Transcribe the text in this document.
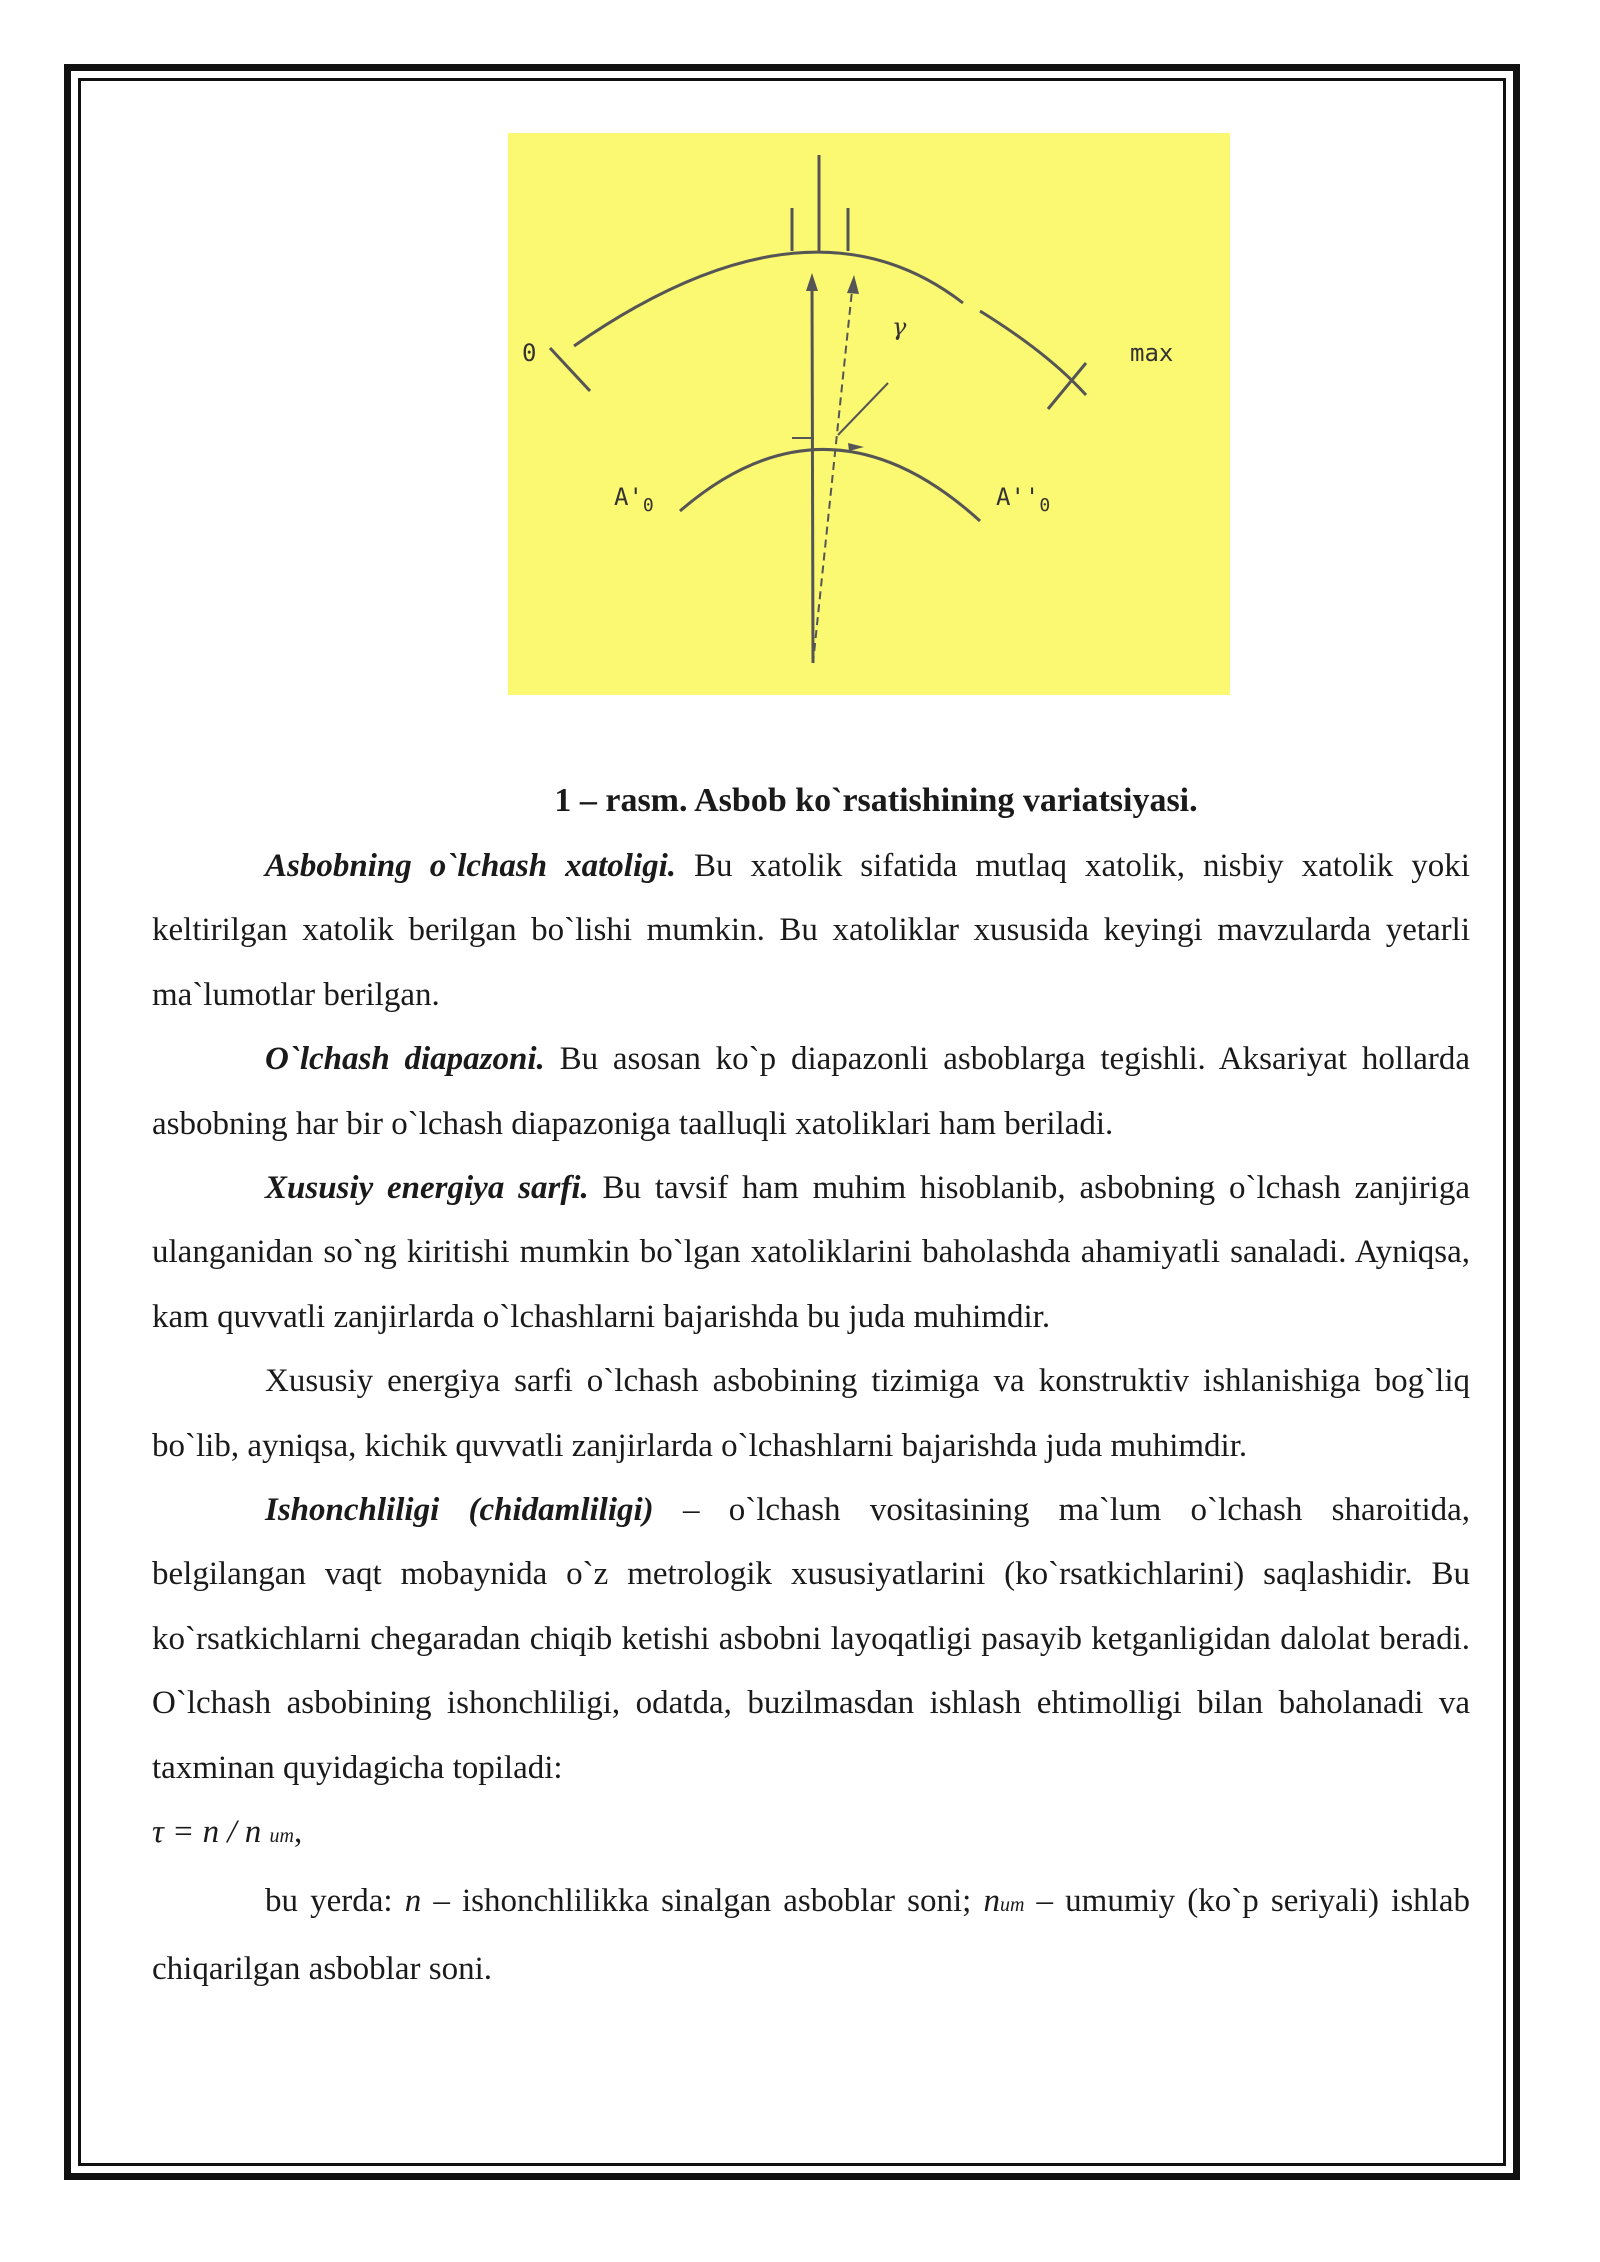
0	max
γ
$A'_0$	$A''_0$
1 – rasm. Asbob ko`rsatishining variatsiyasi.

Asbobning o`lchash xatoligi. Bu xatolik sifatida mutlaq xatolik, nisbiy xatolik yoki keltirilgan xatolik berilgan bo`lishi mumkin. Bu xatoliklar xususida keyingi mavzularda yetarli ma`lumotlar berilgan.

O`lchash diapazoni. Bu asosan ko`p diapazonli asboblarga tegishli. Aksariyat hollarda asbobning har bir o`lchash diapazoniga taalluqli xatoliklari ham beriladi.

Xususiy energiya sarfi. Bu tavsif ham muhim hisoblanib, asbobning o`lchash zanjiriga ulanganidan so`ng kiritishi mumkin bo`lgan xatoliklarini baholashda ahamiyatli sanaladi. Ayniqsa, kam quvvatli zanjirlarda o`lchashlarni bajarishda bu juda muhimdir.

Xususiy energiya sarfi o`lchash asbobining tizimiga va konstruktiv ishlanishiga bog`liq bo`lib, ayniqsa, kichik quvvatli zanjirlarda o`lchashlarni bajarishda juda muhimdir.

Ishonchliligi (chidamliligi) – o`lchash vositasining ma`lum o`lchash sharoitida, belgilangan vaqt mobaynida o`z metrologik xususiyatlarini (ko`rsatkichlarini) saqlashidir. Bu ko`rsatkichlarni chegaradan chiqib ketishi asbobni layoqatligi pasayib ketganligidan dalolat beradi. O`lchash asbobining ishonchliligi, odatda, buzilmasdan ishlash ehtimolligi bilan baholanadi va taxminan quyidagicha topiladi:

τ = n / n um,

bu yerda: n – ishonchlilikka sinalgan asboblar soni; num – umumiy (ko`p seriyali) ishlab chiqarilgan asboblar soni.
